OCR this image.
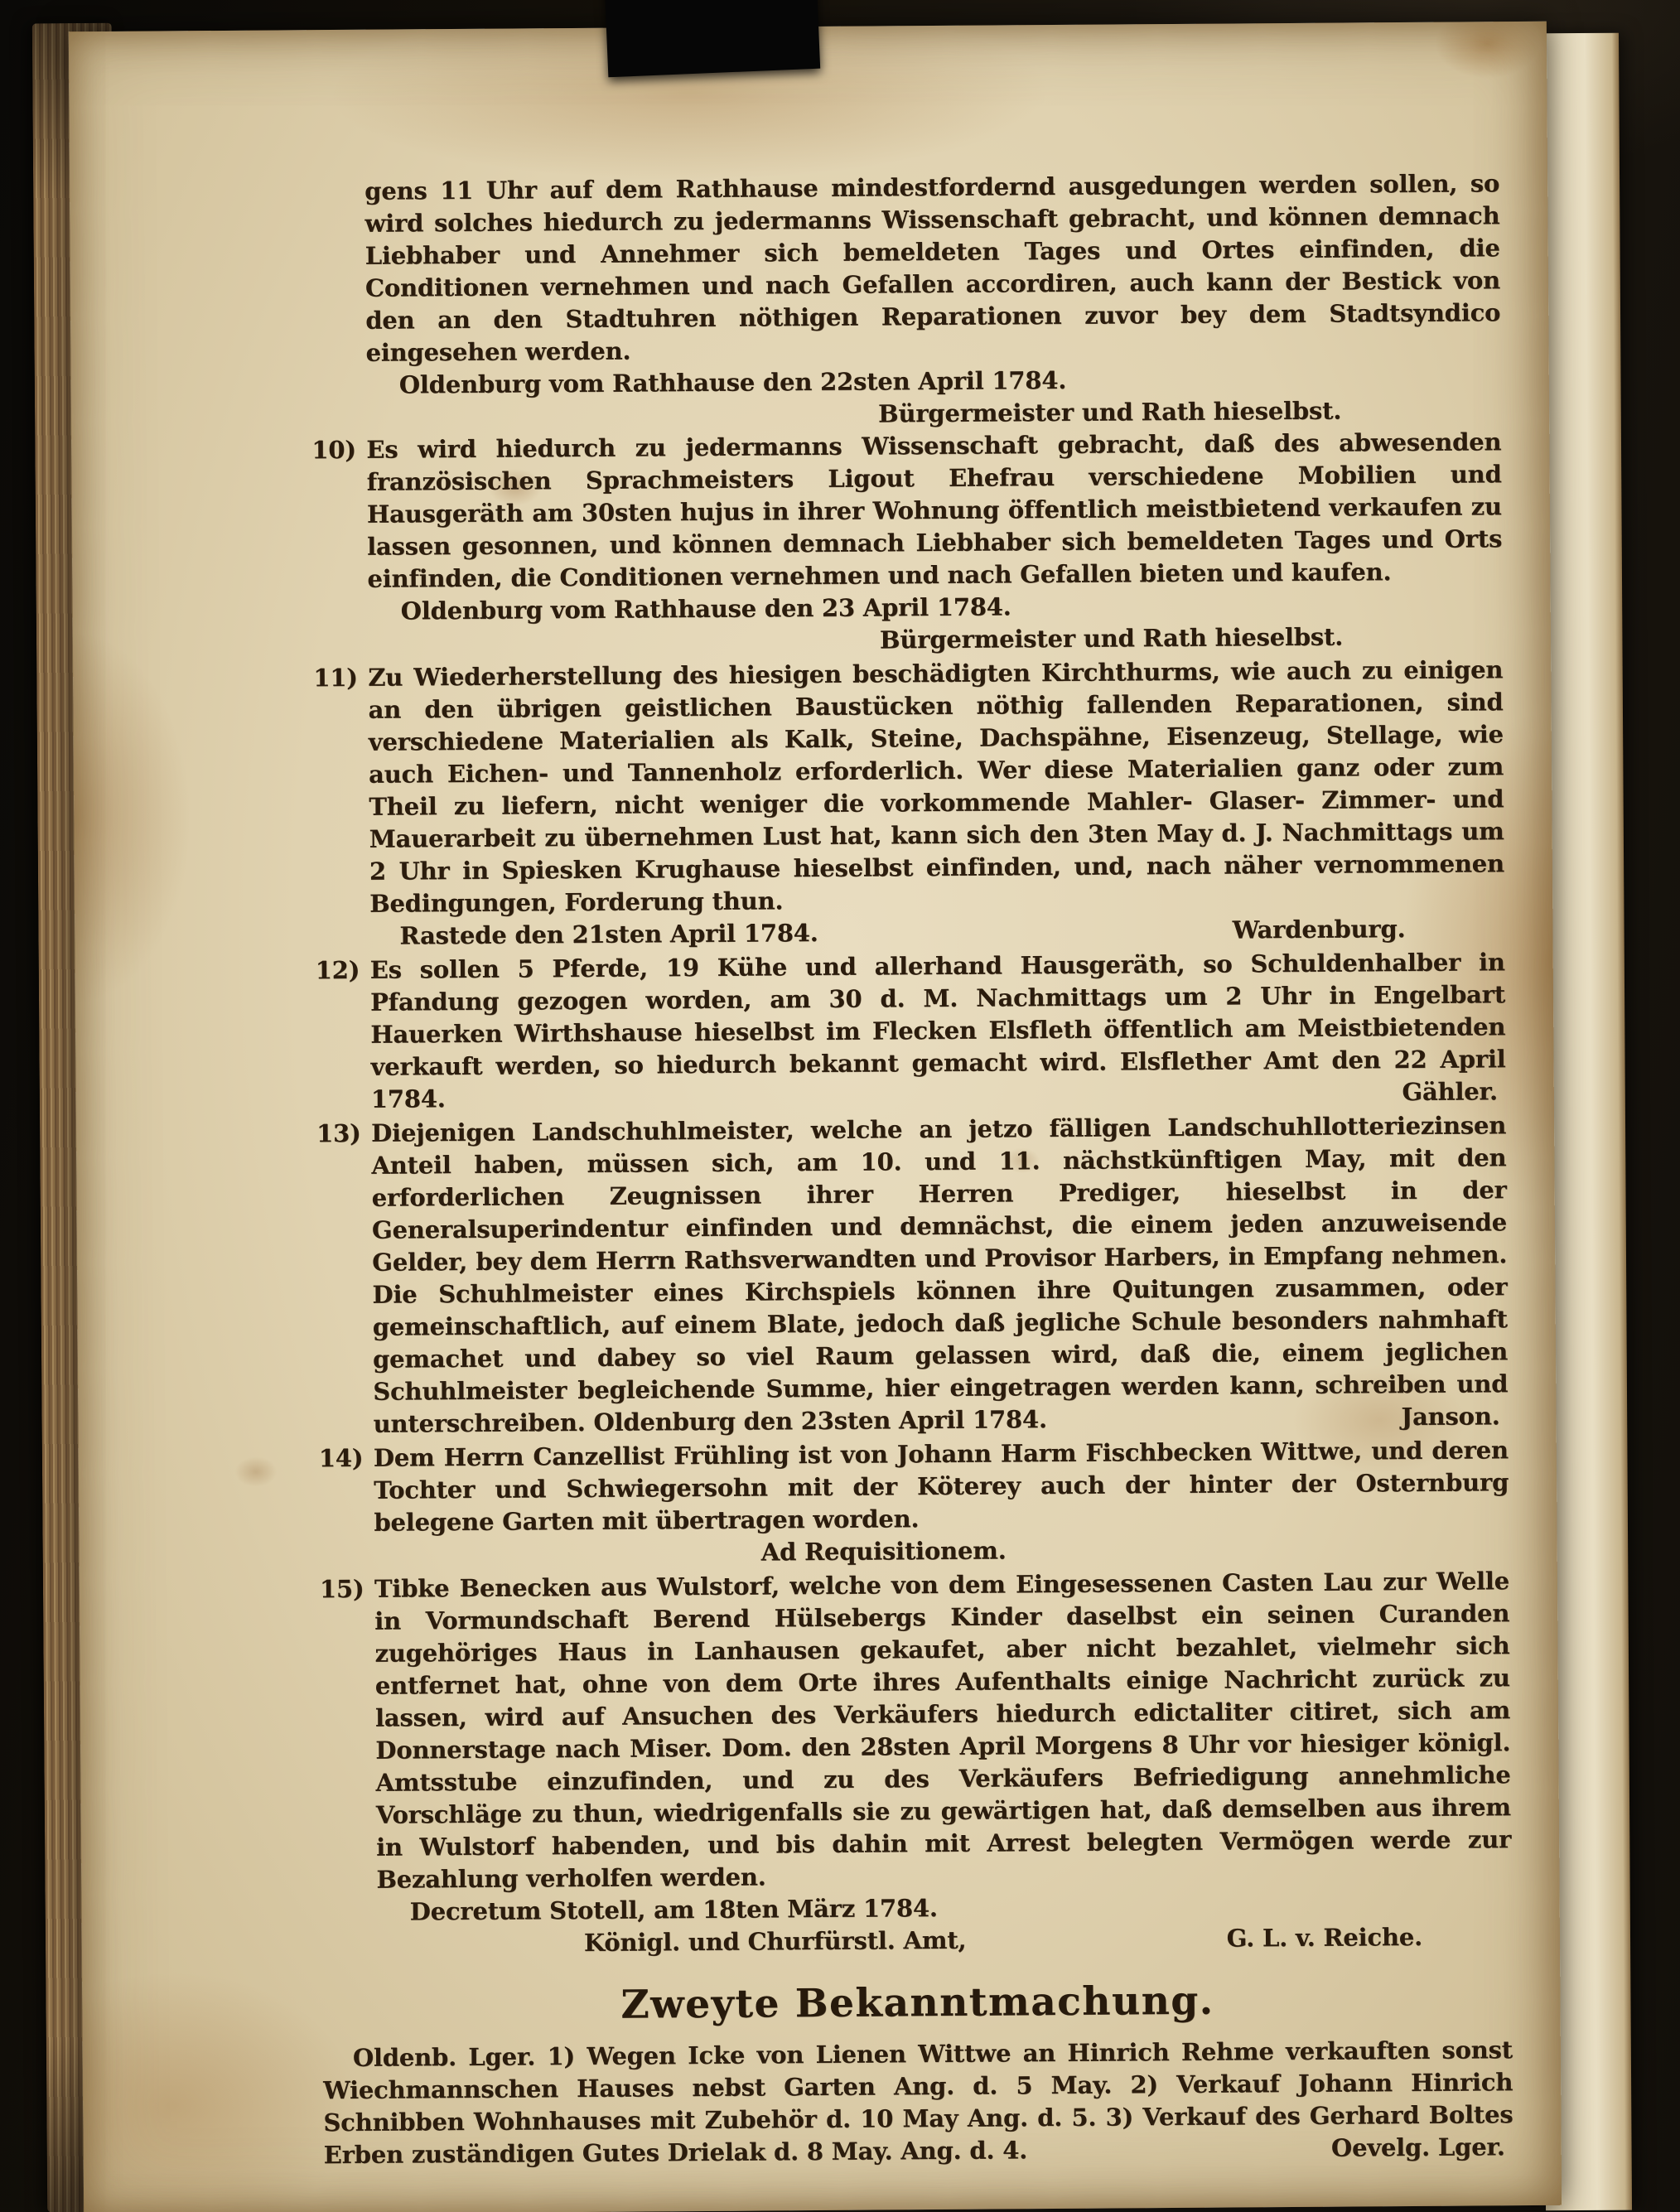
gens 11 Uhr auf dem Rathhause mindestfordernd ausgedungen werden sollen, so wird solches hiedurch zu jedermanns Wissenschaft gebracht, und können demnach Liebhaber und Annehmer sich bemeldeten Tages und Ortes einfinden, die Conditionen vernehmen und nach Gefallen accordiren, auch kann der Bestick von den an den Stadtuhren nöthigen Reparationen zuvor bey dem Stadtsyndico eingesehen werden.

Oldenburg vom Rathhause den 22sten April 1784.
Bürgermeister und Rath hieselbst.
10) Es wird hiedurch zu jedermanns Wissenschaft gebracht, daß des abwesenden französischen Sprachmeisters Ligout Ehefrau verschiedene Mobilien und Hausgeräth am 30sten hujus in ihrer Wohnung öffentlich meistbietend verkaufen zu lassen gesonnen, und können demnach Liebhaber sich bemeldeten Tages und Orts einfinden, die Conditionen vernehmen und nach Gefallen bieten und kaufen.

Oldenburg vom Rathhause den 23 April 1784.
Bürgermeister und Rath hieselbst.
11) Zu Wiederherstellung des hiesigen beschädigten Kirchthurms, wie auch zu einigen an den übrigen geistlichen Baustücken nöthig fallenden Reparationen, sind verschiedene Materialien als Kalk, Steine, Dachspähne, Eisenzeug, Stellage, wie auch Eichen- und Tannenholz erforderlich. Wer diese Materialien ganz oder zum Theil zu liefern, nicht weniger die vorkommende Mahler- Glaser- Zimmer- und Mauerarbeit zu übernehmen Lust hat, kann sich den 3ten May d. J. Nachmittags um 2 Uhr in Spiesken Krughause hieselbst einfinden, und, nach näher vernommenen Bedingungen, Forderung thun.

Rastede den 21sten April 1784.	Wardenburg.
12) Es sollen 5 Pferde, 19 Kühe und allerhand Hausgeräth, so Schuldenhalber in Pfandung gezogen worden, am 30 d. M. Nachmittags um 2 Uhr in Engelbart Hauerken Wirthshause hieselbst im Flecken Elsfleth öffentlich am Meistbietenden verkauft werden, so hiedurch bekannt gemacht wird. Elsflether Amt den 22 April 1784.	Gähler.

13) Diejenigen Landschuhlmeister, welche an jetzo fälligen Landschuhllotteriezinsen Anteil haben, müssen sich, am 10. und 11. nächstkünftigen May, mit den erforderlichen Zeugnissen ihrer Herren Prediger, hieselbst in der Generalsuperindentur einfinden und demnächst, die einem jeden anzuweisende Gelder, bey dem Herrn Rathsverwandten und Provisor Harbers, in Empfang nehmen. Die Schuhlmeister eines Kirchspiels können ihre Quitungen zusammen, oder gemeinschaftlich, auf einem Blate, jedoch daß jegliche Schule besonders nahmhaft gemachet und dabey so viel Raum gelassen wird, daß die, einem jeglichen Schuhlmeister begleichende Summe, hier eingetragen werden kann, schreiben und unterschreiben. Oldenburg den 23sten April 1784.	Janson.

14) Dem Herrn Canzellist Frühling ist von Johann Harm Fischbecken Wittwe, und deren Tochter und Schwiegersohn mit der Köterey auch der hinter der Osternburg belegene Garten mit übertragen worden.

Ad Requisitionem.

15) Tibke Benecken aus Wulstorf, welche von dem Eingesessenen Casten Lau zur Welle in Vormundschaft Berend Hülsebergs Kinder daselbst ein seinen Curanden zugehöriges Haus in Lanhausen gekaufet, aber nicht bezahlet, vielmehr sich entfernet hat, ohne von dem Orte ihres Aufenthalts einige Nachricht zurück zu lassen, wird auf Ansuchen des Verkäufers hiedurch edictaliter citiret, sich am Donnerstage nach Miser. Dom. den 28sten April Morgens 8 Uhr vor hiesiger königl. Amtsstube einzufinden, und zu des Verkäufers Befriedigung annehmliche Vorschläge zu thun, wiedrigenfalls sie zu gewärtigen hat, daß demselben aus ihrem in Wulstorf habenden, und bis dahin mit Arrest belegten Vermögen werde zur Bezahlung verholfen werden.

Decretum Stotell, am 18ten März 1784.
Königl. und Churfürstl. Amt,	G. L. v. Reiche.
Zweyte Bekanntmachung.

Oldenb. Lger. 1) Wegen Icke von Lienen Wittwe an Hinrich Rehme verkauften sonst Wiechmannschen Hauses nebst Garten Ang. d. 5 May. 2) Verkauf Johann Hinrich Schnibben Wohnhauses mit Zubehör d. 10 May Ang. d. 5. 3) Verkauf des Gerhard Boltes Erben zuständigen Gutes Drielak d. 8 May. Ang. d. 4.	Oevelg. Lger.
